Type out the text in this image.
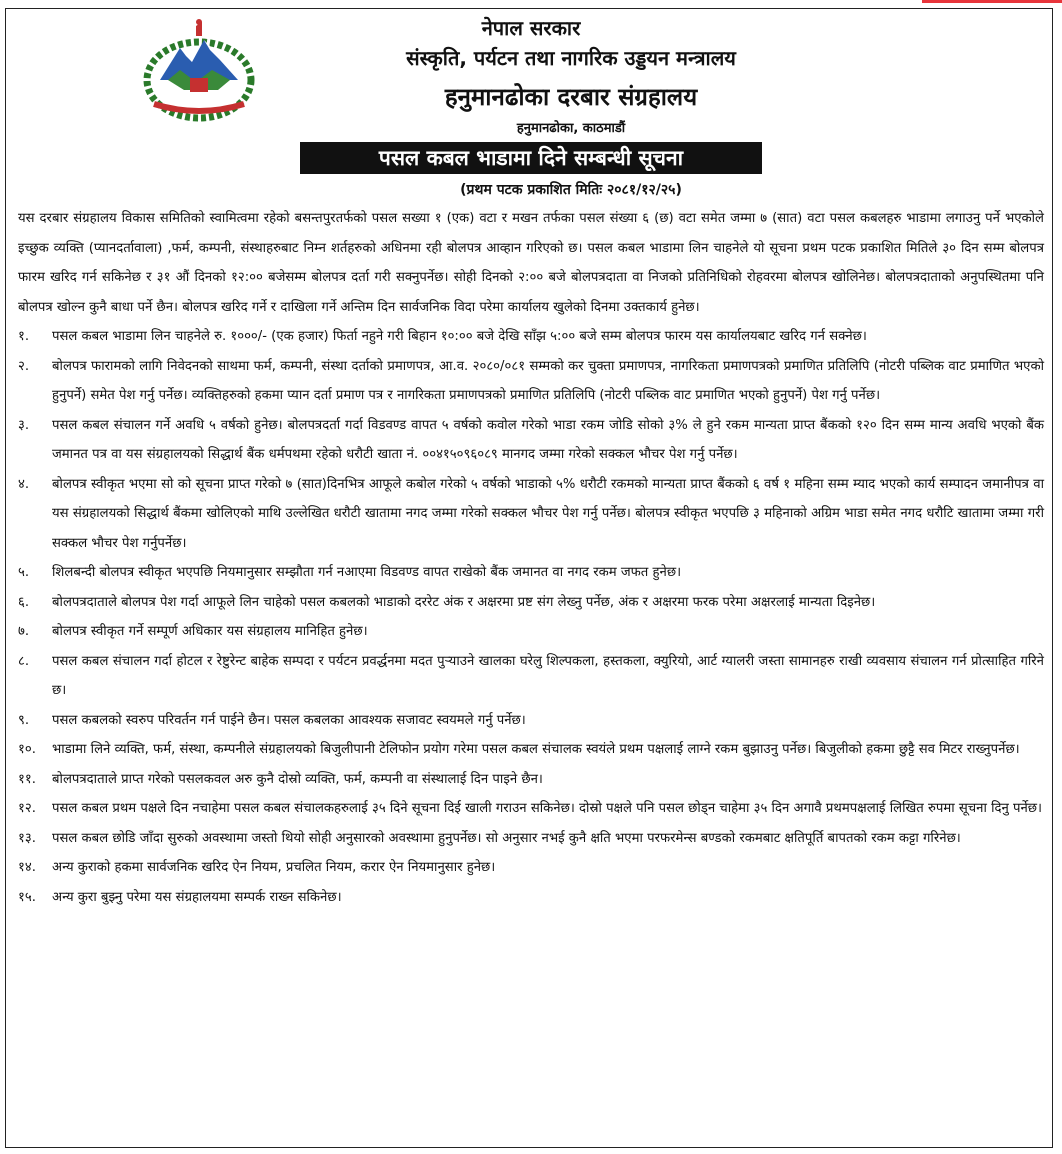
नेपाल सरकार
संस्कृति, पर्यटन तथा नागरिक उड्डयन मन्त्रालय
हनुमानढोका दरबार संग्रहालय
हनुमानढोका, काठमाडौं
पसल कबल भाडामा दिने सम्बन्धी सूचना
(प्रथम पटक प्रकाशित मितिः २०८१/१२/२५)

यस दरबार संग्रहालय विकास समितिको स्वामित्वमा रहेको बसन्तपुरतर्फको पसल सख्या १ (एक) वटा र मखन तर्फका पसल संख्या ६ (छ) वटा समेत जम्मा ७ (सात) वटा पसल कबलहरु भाडामा लगाउनु पर्ने भएकोले इच्छुक व्यक्ति (प्यानदर्तावाला) ,फर्म, कम्पनी, संस्थाहरुबाट निम्न शर्तहरुको अधिनमा रही बोलपत्र आव्हान गरिएको छ। पसल कबल भाडामा लिन चाहनेले यो सूचना प्रथम पटक प्रकाशित मितिले ३० दिन सम्म बोलपत्र फारम खरिद गर्न सकिनेछ र ३१ औं दिनको १२:०० बजेसम्म बोलपत्र दर्ता गरी सक्नुपर्नेछ। सोही दिनको २:०० बजे बोलपत्रदाता वा निजको प्रतिनिधिको रोहवरमा बोलपत्र खोलिनेछ। बोलपत्रदाताको अनुपस्थितमा पनि बोलपत्र खोल्न कुनै बाधा पर्ने छैन। बोलपत्र खरिद गर्ने र दाखिला गर्ने अन्तिम दिन सार्वजनिक विदा परेमा कार्यालय खुलेको दिनमा उक्तकार्य हुनेछ।

१.	पसल कबल भाडामा लिन चाहनेले रु. १०००/- (एक हजार) फिर्ता नहुने गरी बिहान १०:०० बजे देखि साँझ ५:०० बजे सम्म बोलपत्र फारम यस कार्यालयबाट खरिद गर्न सक्नेछ।
२.	बोलपत्र फारामको लागि निवेदनको साथमा फर्म, कम्पनी, संस्था दर्ताको प्रमाणपत्र, आ.व. २०८०/०८१ सम्मको कर चुक्ता प्रमाणपत्र, नागरिकता प्रमाणपत्रको प्रमाणित प्रतिलिपि (नोटरी पब्लिक वाट प्रमाणित भएको हुनुपर्ने) समेत पेश गर्नु पर्नेछ। व्यक्तिहरुको हकमा प्यान दर्ता प्रमाण पत्र र नागरिकता प्रमाणपत्रको प्रमाणित प्रतिलिपि (नोटरी पब्लिक वाट प्रमाणित भएको हुनुपर्ने) पेश गर्नु पर्नेछ।
३.	पसल कबल संचालन गर्ने अवधि ५ वर्षको हुनेछ। बोलपत्रदर्ता गर्दा विडवण्ड वापत ५ वर्षको कवोल गरेको भाडा रकम जोडि सोको ३% ले हुने रकम मान्यता प्राप्त बैंकको १२० दिन सम्म मान्य अवधि भएको बैंक जमानत पत्र वा यस संग्रहालयको सिद्धार्थ बैंक धर्मपथमा रहेको धरौटी खाता नं. ००४१५०९६०८९ मानगद जम्मा गरेको सक्कल भौचर पेश गर्नु पर्नेछ।
४.	बोलपत्र स्वीकृत भएमा सो को सूचना प्राप्त गरेको ७ (सात)दिनभित्र आफूले कबोल गरेको ५ वर्षको भाडाको ५% धरौटी रकमको मान्यता प्राप्त बैंकको ६ वर्ष १ महिना सम्म म्याद भएको कार्य सम्पादन जमानीपत्र वा यस संग्रहालयको सिद्धार्थ बैंकमा खोलिएको माथि उल्लेखित धरौटी खातामा नगद जम्मा गरेको सक्कल भौचर पेश गर्नु पर्नेछ। बोलपत्र स्वीकृत भएपछि ३ महिनाको अग्रिम भाडा समेत नगद धरौटि खातामा जम्मा गरी सक्कल भौचर पेश गर्नुपर्नेछ।
५.	शिलबन्दी बोलपत्र स्वीकृत भएपछि नियमानुसार सम्झौता गर्न नआएमा विडवण्ड वापत राखेको बैंक जमानत वा नगद रकम जफत हुनेछ।
६.	बोलपत्रदाताले बोलपत्र पेश गर्दा आफूले लिन चाहेको पसल कबलको भाडाको दररेट अंक र अक्षरमा प्रष्ट संग लेख्नु पर्नेछ, अंक र अक्षरमा फरक परेमा अक्षरलाई मान्यता दिइनेछ।
७.	बोलपत्र स्वीकृत गर्ने सम्पूर्ण अधिकार यस संग्रहालय मानिहित हुनेछ।
८.	पसल कबल संचालन गर्दा होटल र रेष्टुरेन्ट बाहेक सम्पदा र पर्यटन प्रवर्द्धनमा मदत पुऱ्याउने खालका घरेलु शिल्पकला, हस्तकला, क्युरियो, आर्ट ग्यालरी जस्ता सामानहरु राखी व्यवसाय संचालन गर्न प्रोत्साहित गरिने छ।
९.	पसल कबलको स्वरुप परिवर्तन गर्न पाईने छैन। पसल कबलका आवश्यक सजावट स्वयमले गर्नु पर्नेछ।
१०.	भाडामा लिने व्यक्ति, फर्म, संस्था, कम्पनीले संग्रहालयको बिजुलीपानी टेलिफोन प्रयोग गरेमा पसल कबल संचालक स्वयंले प्रथम पक्षलाई लाग्ने रकम बुझाउनु पर्नेछ। बिजुलीको हकमा छुट्टै सव मिटर राख्नुपर्नेछ।
११.	बोलपत्रदाताले प्राप्त गरेको पसलकवल अरु कुनै दोस्रो व्यक्ति, फर्म, कम्पनी वा संस्थालाई दिन पाइने छैन।
१२.	पसल कबल प्रथम पक्षले दिन नचाहेमा पसल कबल संचालकहरुलाई ३५ दिने सूचना दिई खाली गराउन सकिनेछ। दोस्रो पक्षले पनि पसल छोड्न चाहेमा ३५ दिन अगावै प्रथमपक्षलाई लिखित रुपमा सूचना दिनु पर्नेछ।
१३.	पसल कबल छोडि जाँदा सुरुको अवस्थामा जस्तो थियो सोही अनुसारको अवस्थामा हुनुपर्नेछ। सो अनुसार नभई कुनै क्षति भएमा परफरमेन्स बण्डको रकमबाट क्षतिपूर्ति बापतको रकम कट्टा गरिनेछ।
१४.	अन्य कुराको हकमा सार्वजनिक खरिद ऐन नियम, प्रचलित नियम, करार ऐन नियमानुसार हुनेछ।
१५.	अन्य कुरा बुझ्नु परेमा यस संग्रहालयमा सम्पर्क राख्न सकिनेछ।
